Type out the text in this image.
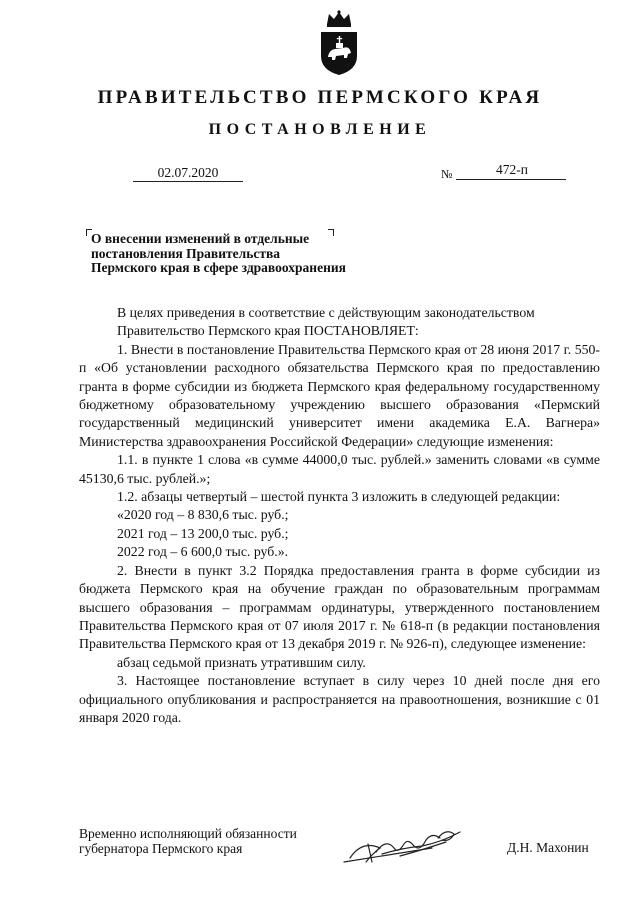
ПРАВИТЕЛЬСТВО ПЕРМСКОГО КРАЯ
ПОСТАНОВЛЕНИЕ
02.07.2020	№	472-п
О внесении изменений в отдельные
постановления Правительства
Пермского края в сфере здравоохранения

В целях приведения в соответствие с действующим законодательством

Правительство Пермского края ПОСТАНОВЛЯЕТ:

1. Внести в постановление Правительства Пермского края от 28 июня 2017 г. 550-п «Об установлении расходного обязательства Пермского края по предоставлению гранта в форме субсидии из бюджета Пермского края федеральному государственному бюджетному образовательному учреждению высшего образования «Пермский государственный медицинский университет имени академика Е.А. Вагнера» Министерства здравоохранения Российской Федерации» следующие изменения:

1.1. в пункте 1 слова «в сумме 44000,0 тыс. рублей.» заменить словами «в сумме 45130,6 тыс. рублей.»;

1.2. абзацы четвертый – шестой пункта 3 изложить в следующей редакции:

«2020 год – 8 830,6 тыс. руб.;

2021 год – 13 200,0 тыс. руб.;

2022 год – 6 600,0 тыс. руб.».

2. Внести в пункт 3.2 Порядка предоставления гранта в форме субсидии из бюджета Пермского края на обучение граждан по образовательным программам высшего образования – программам ординатуры, утвержденного постановлением Правительства Пермского края от 07 июля 2017 г. № 618-п (в редакции постановления Правительства Пермского края от 13 декабря 2019 г. № 926-п), следующее изменение:

абзац седьмой признать утратившим силу.

3. Настоящее постановление вступает в силу через 10 дней после дня его официального опубликования и распространяется на правоотношения, возникшие с 01 января 2020 года.

Временно исполняющий обязанности
губернатора Пермского края	Д.Н. Махонин
